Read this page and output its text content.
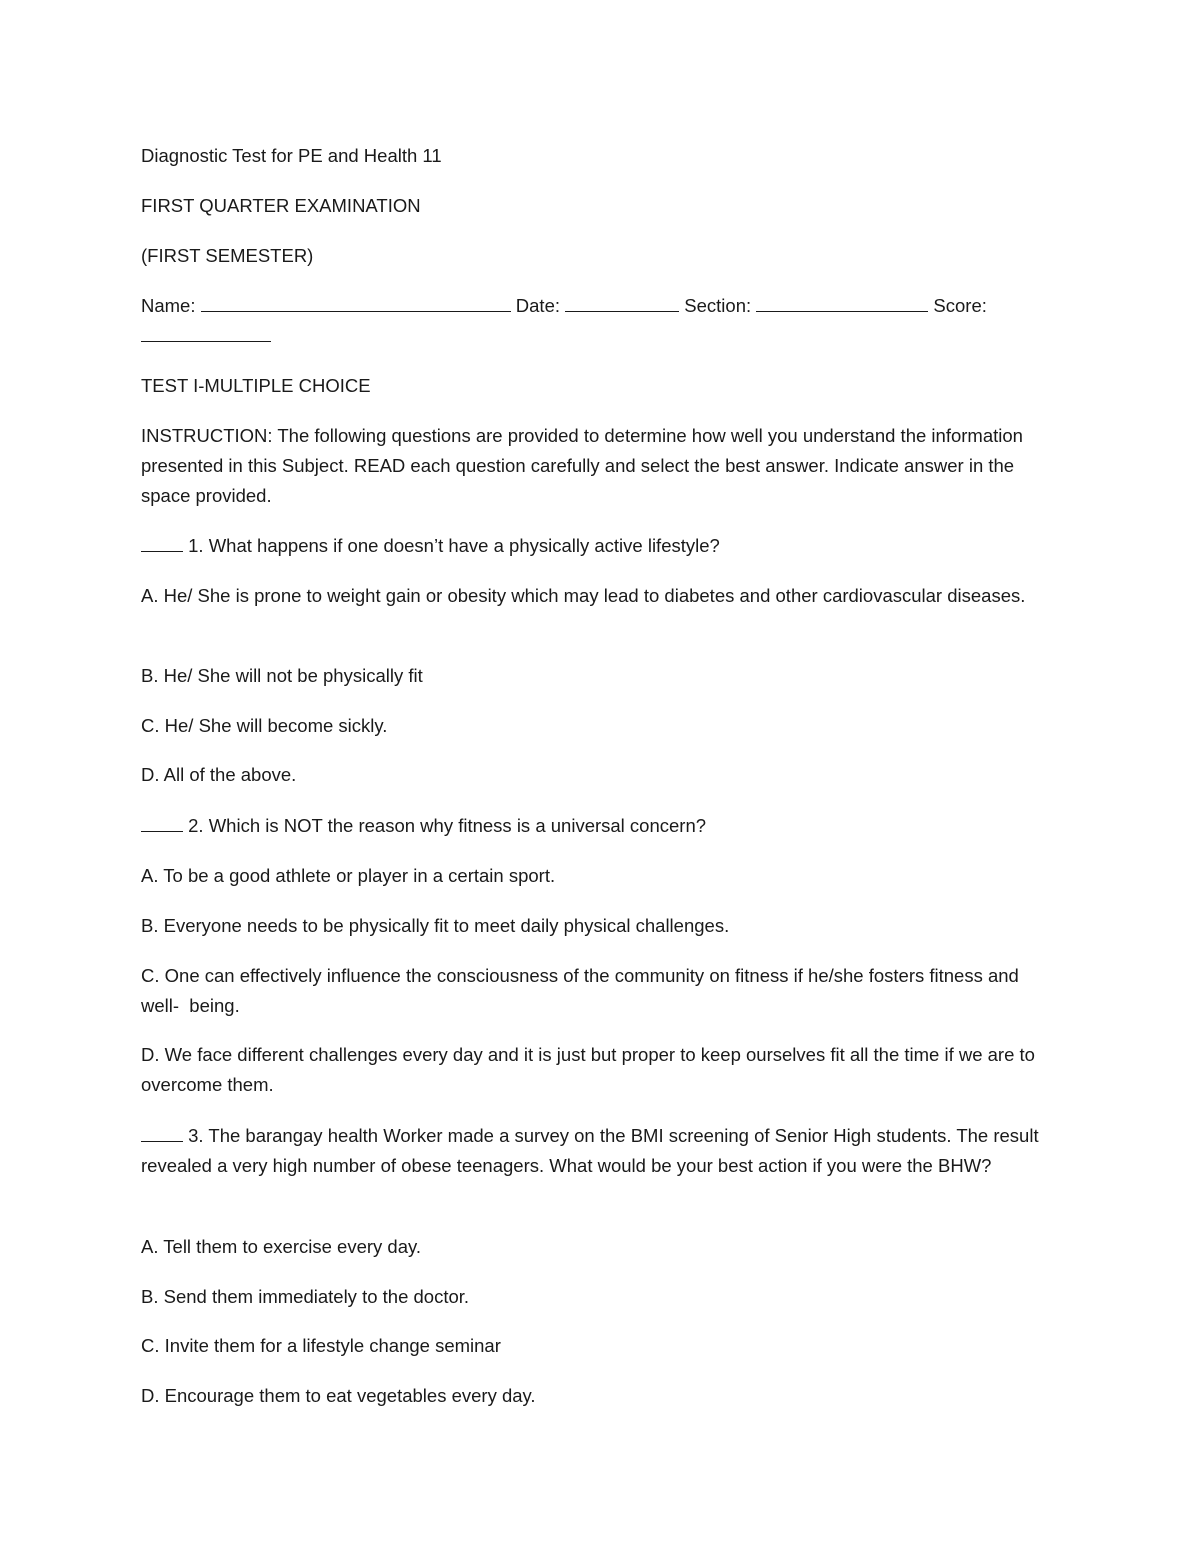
Diagnostic Test for PE and Health 11

FIRST QUARTER EXAMINATION

(FIRST SEMESTER)

Name:	Date:	Section:	Score:

TEST I-MULTIPLE CHOICE

INSTRUCTION: The following questions are provided to determine how well you understand the information presented in this Subject. READ each question carefully and select the best answer. Indicate answer in the space provided.

1. What happens if one doesn’t have a physically active lifestyle?

A. He/ She is prone to weight gain or obesity which may lead to diabetes and other cardiovascular diseases.

B. He/ She will not be physically fit

C. He/ She will become sickly.

D. All of the above.

2. Which is NOT the reason why fitness is a universal concern?

A. To be a good athlete or player in a certain sport.

B. Everyone needs to be physically fit to meet daily physical challenges.

C. One can effectively influence the consciousness of the community on fitness if he/she fosters fitness and well-  being.

D. We face different challenges every day and it is just but proper to keep ourselves fit all the time if we are to       overcome them.

3. The barangay health Worker made a survey on the BMI screening of Senior High students. The result revealed a very high number of obese teenagers. What would be your best action if you were the BHW?

A. Tell them to exercise every day.

B. Send them immediately to the doctor.

C. Invite them for a lifestyle change seminar

D. Encourage them to eat vegetables every day.
